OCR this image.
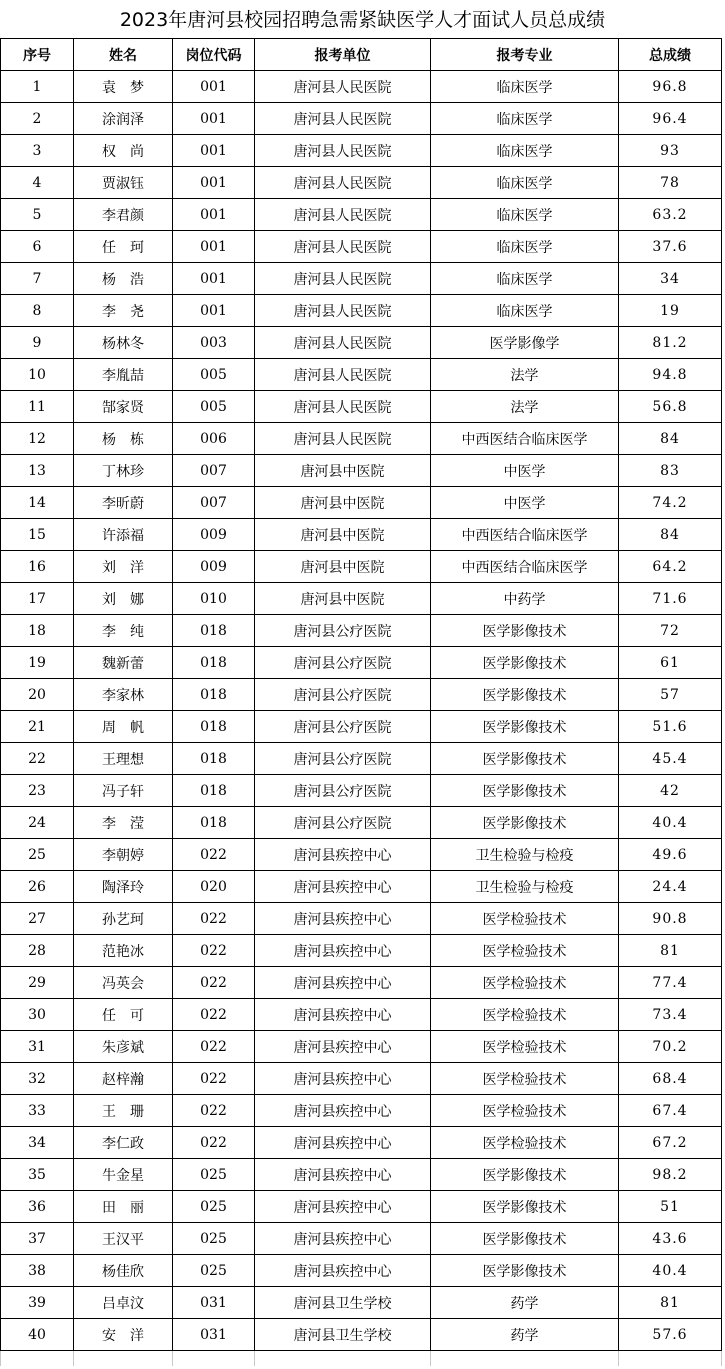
2023年唐河县校园招聘急需紧缺医学人才面试人员总成绩
序号	姓名	岗位代码	报考单位	报考专业	总成绩
1	袁　梦	001	唐河县人民医院	临床医学	96.8
2	涂润泽	001	唐河县人民医院	临床医学	96.4
3	权　尚	001	唐河县人民医院	临床医学	93
4	贾淑钰	001	唐河县人民医院	临床医学	78
5	李君颜	001	唐河县人民医院	临床医学	63.2
6	任　珂	001	唐河县人民医院	临床医学	37.6
7	杨　浩	001	唐河县人民医院	临床医学	34
8	李　尧	001	唐河县人民医院	临床医学	19
9	杨林冬	003	唐河县人民医院	医学影像学	81.2
10	李胤喆	005	唐河县人民医院	法学	94.8
11	郜家贤	005	唐河县人民医院	法学	56.8
12	杨　栋	006	唐河县人民医院	中西医结合临床医学	84
13	丁林珍	007	唐河县中医院	中医学	83
14	李昕蔚	007	唐河县中医院	中医学	74.2
15	许添福	009	唐河县中医院	中西医结合临床医学	84
16	刘　洋	009	唐河县中医院	中西医结合临床医学	64.2
17	刘　娜	010	唐河县中医院	中药学	71.6
18	李　纯	018	唐河县公疗医院	医学影像技术	72
19	魏新蕾	018	唐河县公疗医院	医学影像技术	61
20	李家林	018	唐河县公疗医院	医学影像技术	57
21	周　帆	018	唐河县公疗医院	医学影像技术	51.6
22	王理想	018	唐河县公疗医院	医学影像技术	45.4
23	冯子轩	018	唐河县公疗医院	医学影像技术	42
24	李　滢	018	唐河县公疗医院	医学影像技术	40.4
25	李朝婷	022	唐河县疾控中心	卫生检验与检疫	49.6
26	陶泽玲	020	唐河县疾控中心	卫生检验与检疫	24.4
27	孙艺珂	022	唐河县疾控中心	医学检验技术	90.8
28	范艳冰	022	唐河县疾控中心	医学检验技术	81
29	冯英会	022	唐河县疾控中心	医学检验技术	77.4
30	任　可	022	唐河县疾控中心	医学检验技术	73.4
31	朱彦斌	022	唐河县疾控中心	医学检验技术	70.2
32	赵梓瀚	022	唐河县疾控中心	医学检验技术	68.4
33	王　珊	022	唐河县疾控中心	医学检验技术	67.4
34	李仁政	022	唐河县疾控中心	医学检验技术	67.2
35	牛金星	025	唐河县疾控中心	医学影像技术	98.2
36	田　丽	025	唐河县疾控中心	医学影像技术	51
37	王汉平	025	唐河县疾控中心	医学影像技术	43.6
38	杨佳欣	025	唐河县疾控中心	医学影像技术	40.4
39	吕卓汶	031	唐河县卫生学校	药学	81
40	安　洋	031	唐河县卫生学校	药学	57.6
